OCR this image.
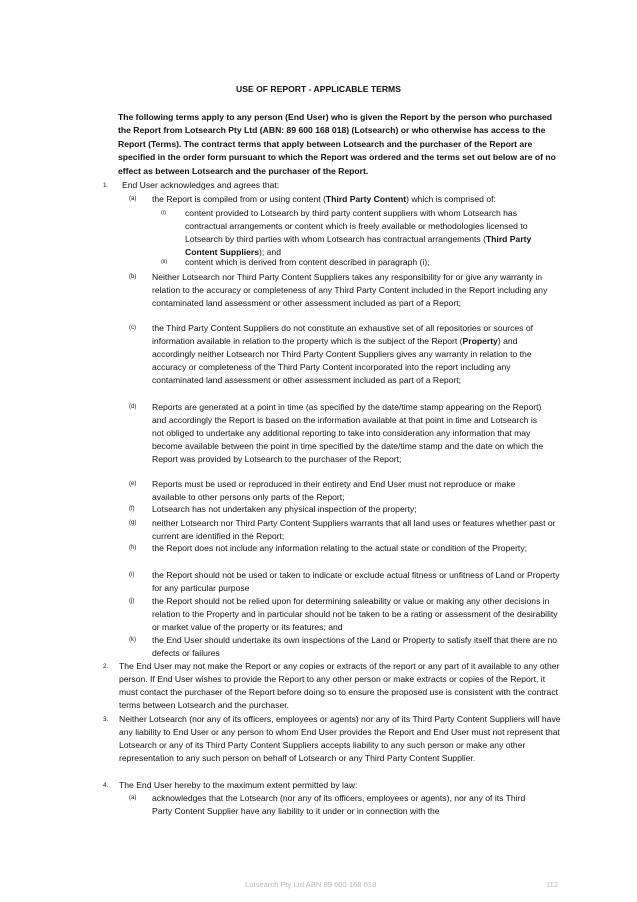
USE OF REPORT - APPLICABLE TERMS
The following terms apply to any person (End User) who is given the Report by the person who purchased the Report from Lotsearch Pty Ltd (ABN: 89 600 168 018) (Lotsearch) or who otherwise has access to the Report (Terms). The contract terms that apply between Lotsearch and the purchaser of the Report are specified in the order form pursuant to which the Report was ordered and the terms set out below are of no effect as between Lotsearch and the purchaser of the Report.
1. End User acknowledges and agrees that:
(a) the Report is compiled from or using content (Third Party Content) which is comprised of:
(i) content provided to Lotsearch by third party content suppliers with whom Lotsearch has contractual arrangements or content which is freely available or methodologies licensed to Lotsearch by third parties with whom Lotsearch has contractual arrangements (Third Party Content Suppliers); and
(ii) content which is derived from content described in paragraph (i);
(b) Neither Lotsearch nor Third Party Content Suppliers takes any responsibility for or give any warranty in relation to the accuracy or completeness of any Third Party Content included in the Report including any contaminated land assessment or other assessment included as part of a Report;
(c) the Third Party Content Suppliers do not constitute an exhaustive set of all repositories or sources of information available in relation to the property which is the subject of the Report (Property) and accordingly neither Lotsearch nor Third Party Content Suppliers gives any warranty in relation to the accuracy or completeness of the Third Party Content incorporated into the report including any contaminated land assessment or other assessment included as part of a Report;
(d) Reports are generated at a point in time (as specified by the date/time stamp appearing on the Report) and accordingly the Report is based on the information available at that point in time and Lotsearch is not obliged to undertake any additional reporting to take into consideration any information that may become available between the point in time specified by the date/time stamp and the date on which the Report was provided by Lotsearch to the purchaser of the Report;
(e) Reports must be used or reproduced in their entirety and End User must not reproduce or make available to other persons only parts of the Report;
(f) Lotsearch has not undertaken any physical inspection of the property;
(g) neither Lotsearch nor Third Party Content Suppliers warrants that all land uses or features whether past or current are identified in the Report;
(h) the Report does not include any information relating to the actual state or condition of the Property;
(i) the Report should not be used or taken to indicate or exclude actual fitness or unfitness of Land or Property for any particular purpose
(j) the Report should not be relied upon for determining saleability or value or making any other decisions in relation to the Property and in particular should not be taken to be a rating or assessment of the desirability or market value of the property or its features; and
(k) the End User should undertake its own inspections of the Land or Property to satisfy itself that there are no defects or failures
2. The End User may not make the Report or any copies or extracts of the report or any part of it available to any other person. If End User wishes to provide the Report to any other person or make extracts or copies of the Report, it must contact the purchaser of the Report before doing so to ensure the proposed use is consistent with the contract terms between Lotsearch and the purchaser.
3. Neither Lotsearch (nor any of its officers, employees or agents) nor any of its Third Party Content Suppliers will have any liability to End User or any person to whom End User provides the Report and End User must not represent that Lotsearch or any of its Third Party Content Suppliers accepts liability to any such person or make any other representation to any such person on behalf of Lotsearch or any Third Party Content Supplier.
4. The End User hereby to the maximum extent permitted by law:
(a) acknowledges that the Lotsearch (nor any of its officers, employees or agents), nor any of its Third Party Content Supplier have any liability to it under or in connection with the
Lotsearch Pty Ltd ABN 89 600 168 018	112
